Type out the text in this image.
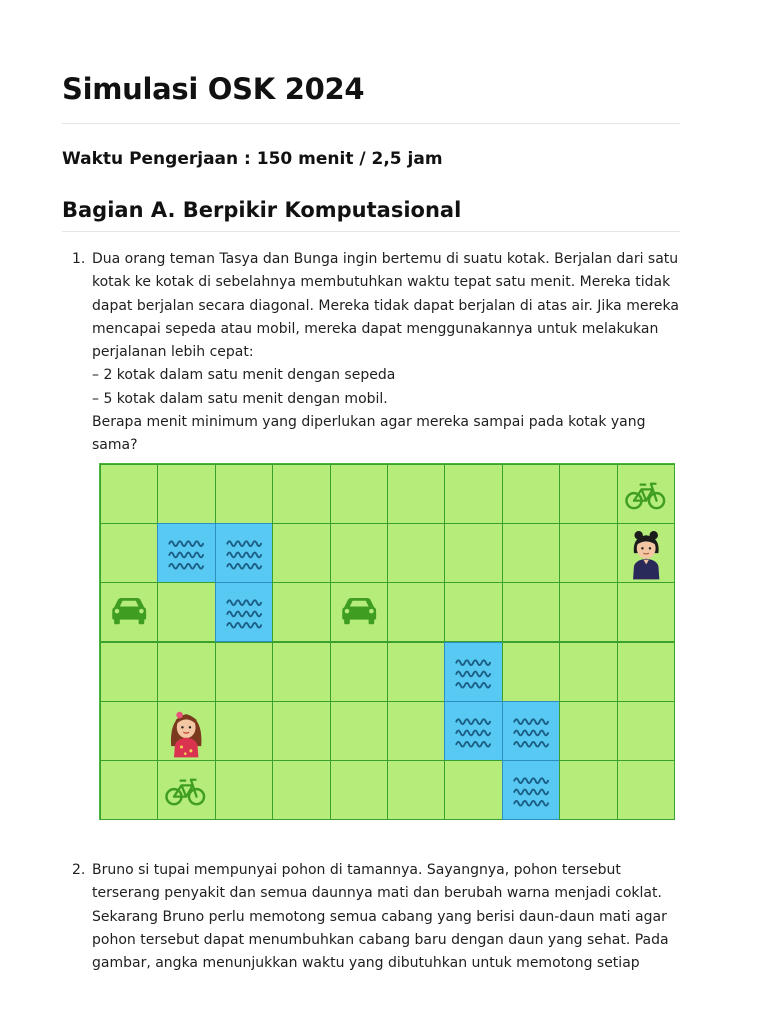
Simulasi OSK 2024
Waktu Pengerjaan : 150 menit / 2,5 jam
Bagian A. Berpikir Komputasional
1. Dua orang teman Tasya dan Bunga ingin bertemu di suatu kotak. Berjalan dari satu

kotak ke kotak di sebelahnya membutuhkan waktu tepat satu menit. Mereka tidak

dapat berjalan secara diagonal. Mereka tidak dapat berjalan di atas air. Jika mereka

mencapai sepeda atau mobil, mereka dapat menggunakannya untuk melakukan

perjalanan lebih cepat:

– 2 kotak dalam satu menit dengan sepeda

– 5 kotak dalam satu menit dengan mobil.

Berapa menit minimum yang diperlukan agar mereka sampai pada kotak yang

sama?

2. Bruno si tupai mempunyai pohon di tamannya. Sayangnya, pohon tersebut

terserang penyakit dan semua daunnya mati dan berubah warna menjadi coklat.

Sekarang Bruno perlu memotong semua cabang yang berisi daun-daun mati agar

pohon tersebut dapat menumbuhkan cabang baru dengan daun yang sehat. Pada

gambar, angka menunjukkan waktu yang dibutuhkan untuk memotong setiap
